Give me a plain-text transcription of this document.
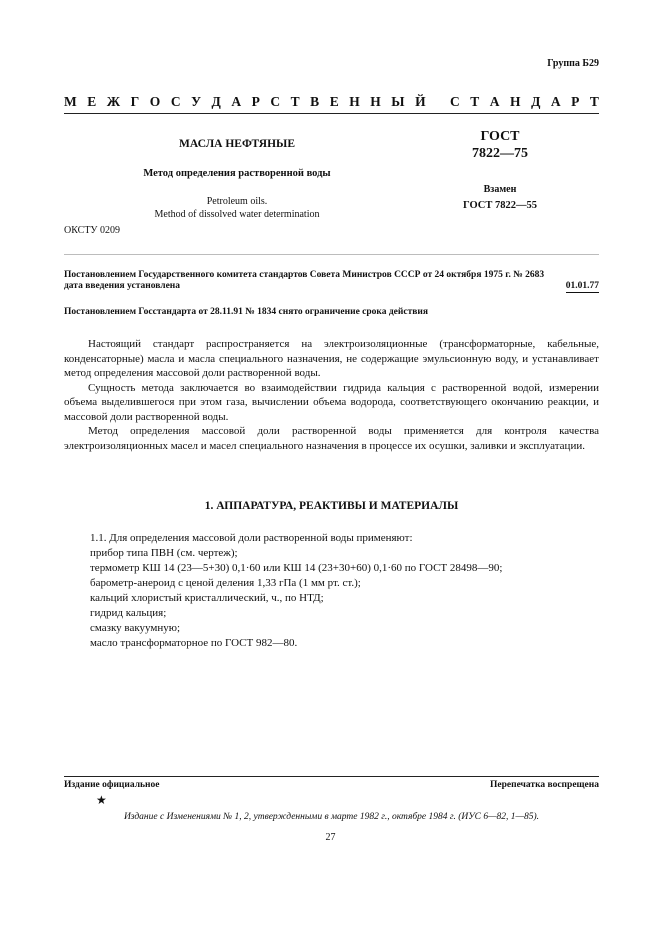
Группа Б29
М Е Ж Г О С У Д А Р С Т В Е Н Н Ы Й
С Т А Н Д А Р Т
МАСЛА НЕФТЯНЫЕ
Метод определения растворенной воды
Petroleum oils.
Method of dissolved water determination
ГОСТ
7822—75
Взамен
ГОСТ 7822—55
ОКСТУ 0209
Постановлением Государственного комитета стандартов Совета Министров СССР от 24 октября 1975 г. № 2683
дата введения установлена	01.01.77
Постановлением Госстандарта от 28.11.91 № 1834 снято ограничение срока действия

Настоящий стандарт распространяется на электроизоляционные (трансформаторные, кабельные, конденсаторные) масла и масла специального назначения, не содержащие эмульсионную воду, и устанавливает метод определения массовой доли растворенной воды.

Сущность метода заключается во взаимодействии гидрида кальция с растворенной водой, измерении объема выделившегося при этом газа, вычислении объема водорода, соответствующего окончанию реакции, и массовой доли растворенной воды.

Метод определения массовой доли растворенной воды применяется для контроля качества электроизоляционных масел и масел специального назначения в процессе их осушки, заливки и эксплуатации.

1. АППАРАТУРА, РЕАКТИВЫ И МАТЕРИАЛЫ
1.1. Для определения массовой доли растворенной воды применяют:
прибор типа ПВН (см. чертеж);
термометр КШ 14 (23—5+30) 0,1·60 или КШ 14 (23+30+60) 0,1·60 по ГОСТ 28498—90;
барометр-анероид с ценой деления 1,33 гПа (1 мм рт. ст.);
кальций хлористый кристаллический, ч., по НТД;
гидрид кальция;
смазку вакуумную;
масло трансформаторное по ГОСТ 982—80.
Издание официальное	Перепечатка воспрещена
★
Издание с Изменениями № 1, 2, утвержденными в марте 1982 г., октябре 1984 г. (ИУС 6—82, 1—85).
27
